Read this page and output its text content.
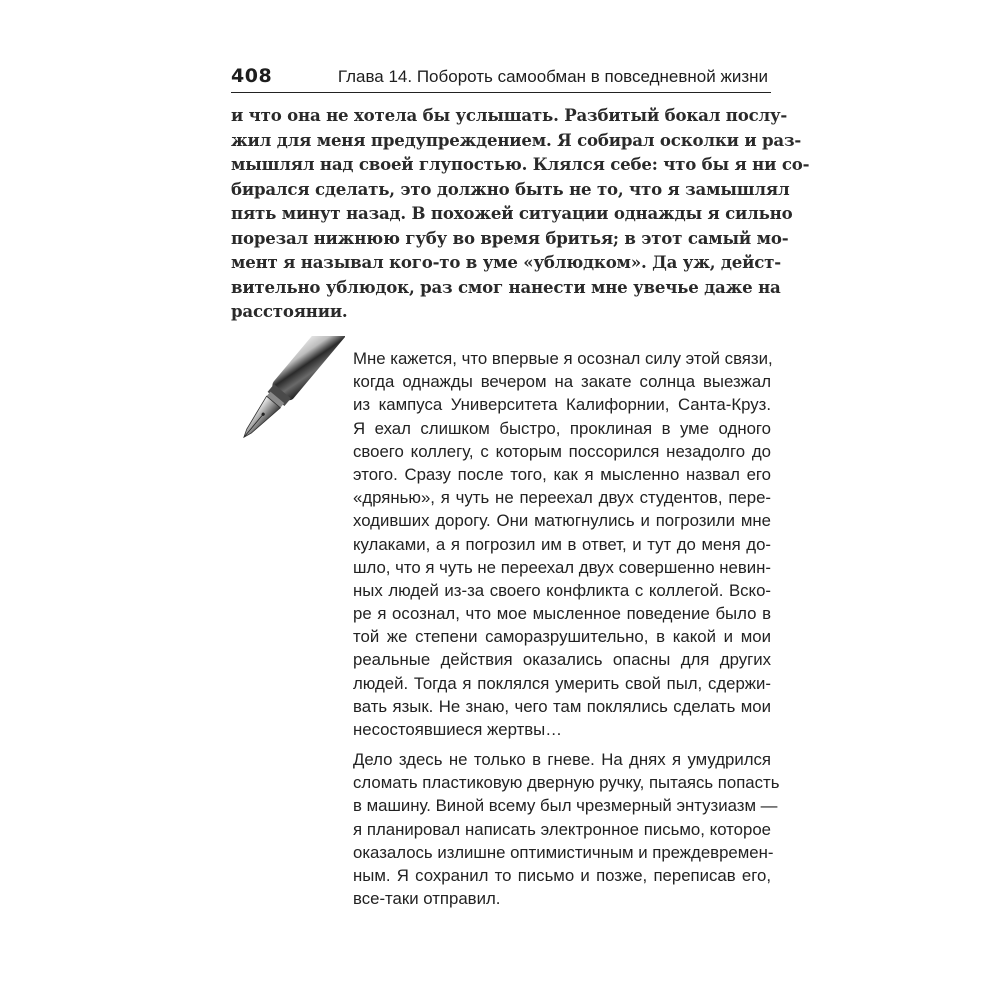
408	Глава 14. Побороть самообман в повседневной жизни
и что она не хотела бы услышать. Разбитый бокал послу-
жил для меня предупреждением. Я собирал осколки и раз-
мышлял над своей глупостью. Клялся себе: что бы я ни со-
бирался сделать, это должно быть не то, что я замышлял
пять минут назад. В похожей ситуации однажды я сильно
порезал нижнюю губу во время бритья; в этот самый мо-
мент я называл кого-то в уме «ублюдком». Да уж, дейст-
вительно ублюдок, раз смог нанести мне увечье даже на
расстоянии.
Мне кажется, что впервые я осознал силу этой связи,
когда однажды вечером на закате солнца выезжал
из кампуса Университета Калифорнии, Санта-Круз.
Я ехал слишком быстро, проклиная в уме одного
своего коллегу, с которым поссорился незадолго до
этого. Сразу после того, как я мысленно назвал его
«дрянью», я чуть не переехал двух студентов, пере-
ходивших дорогу. Они матюгнулись и погрозили мне
кулаками, а я погрозил им в ответ, и тут до меня до-
шло, что я чуть не переехал двух совершенно невин-
ных людей из-за своего конфликта с коллегой. Вско-
ре я осознал, что мое мысленное поведение было в
той же степени саморазрушительно, в какой и мои
реальные действия оказались опасны для других
людей. Тогда я поклялся умерить свой пыл, сдержи-
вать язык. Не знаю, чего там поклялись сделать мои
несостоявшиеся жертвы…
Дело здесь не только в гневе. На днях я умудрился
сломать пластиковую дверную ручку, пытаясь попасть
в машину. Виной всему был чрезмерный энтузиазм —
я планировал написать электронное письмо, которое
оказалось излишне оптимистичным и преждевремен-
ным. Я сохранил то письмо и позже, переписав его,
все-таки отправил.
